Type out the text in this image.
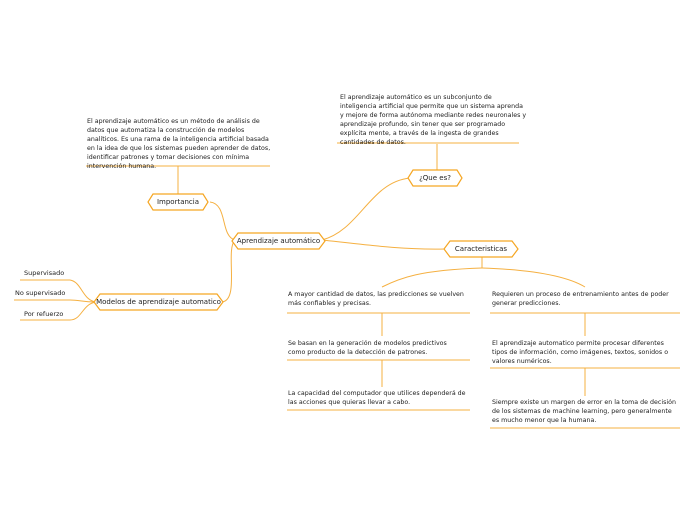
Aprendizaje automático
¿Que es?
El aprendizaje automático es un subconjunto de inteligencia artificial que permite que un sistema aprenda y mejore de forma autónoma mediante redes neuronales y aprendizaje profundo, sin tener que ser programado explícita mente, a través de la ingesta de grandes cantidades de datos.
Importancia
El aprendizaje automático es un método de análisis de datos que automatiza la construcción de modelos analíticos. Es una rama de la inteligencia artificial basada en la idea de que los sistemas pueden aprender de datos, identificar patrones y tomar decisiones con mínima intervención humana.
Modelos de aprendizaje automatico
Supervisado
No supervisado
Por refuerzo
Caracteristicas
A mayor cantidad de datos, las predicciones se vuelven más confiables y precisas.
Se basan en la generación de modelos predictivos como producto de la detección de patrones.
La capacidad del computador que utilices dependerá de las acciones que quieras llevar a cabo.
Requieren un proceso de entrenamiento antes de poder generar predicciones.
El aprendizaje automatico permite procesar diferentes tipos de información, como imágenes, textos, sonidos o valores numéricos.
Siempre existe un margen de error en la toma de decisión de los sistemas de machine learning, pero generalmente es mucho menor que la humana.
